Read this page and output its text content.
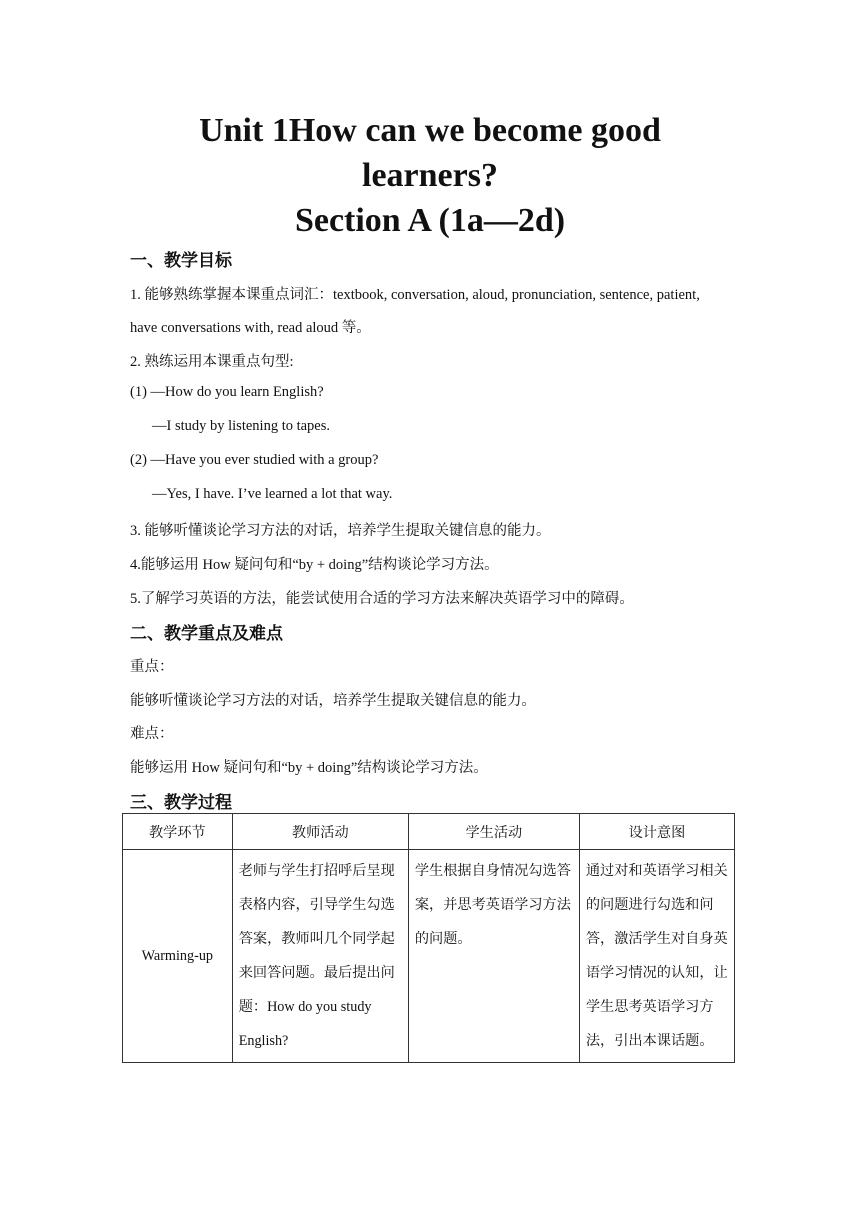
Unit 1How can we become good
learners?
Section A (1a—2d)
一、教学目标
1. 能够熟练掌握本课重点词汇：textbook, conversation, aloud, pronunciation, sentence, patient,
have conversations with, read aloud 等。
2. 熟练运用本课重点句型:
(1) —How do you learn English?
—I study by listening to tapes.
(2) —Have you ever studied with a group?
—Yes, I have. I’ve learned a lot that way.
3. 能够听懂谈论学习方法的对话，培养学生提取关键信息的能力。
4.能够运用 How 疑问句和“by + doing”结构谈论学习方法。
5.了解学习英语的方法，能尝试使用合适的学习方法来解决英语学习中的障碍。
二、教学重点及难点
重点：
能够听懂谈论学习方法的对话，培养学生提取关键信息的能力。
难点：
能够运用 How 疑问句和“by + doing”结构谈论学习方法。
三、教学过程
教学环节	教师活动	学生活动	设计意图
Warming-up	老师与学生打招呼后呈现表格内容，引导学生勾选答案，教师叫几个同学起来回答问题。最后提出问题：How do you study English?	学生根据自身情况勾选答案，并思考英语学习方法的问题。	通过对和英语学习相关的问题进行勾选和问答，激活学生对自身英语学习情况的认知，让学生思考英语学习方法，引出本课话题。
